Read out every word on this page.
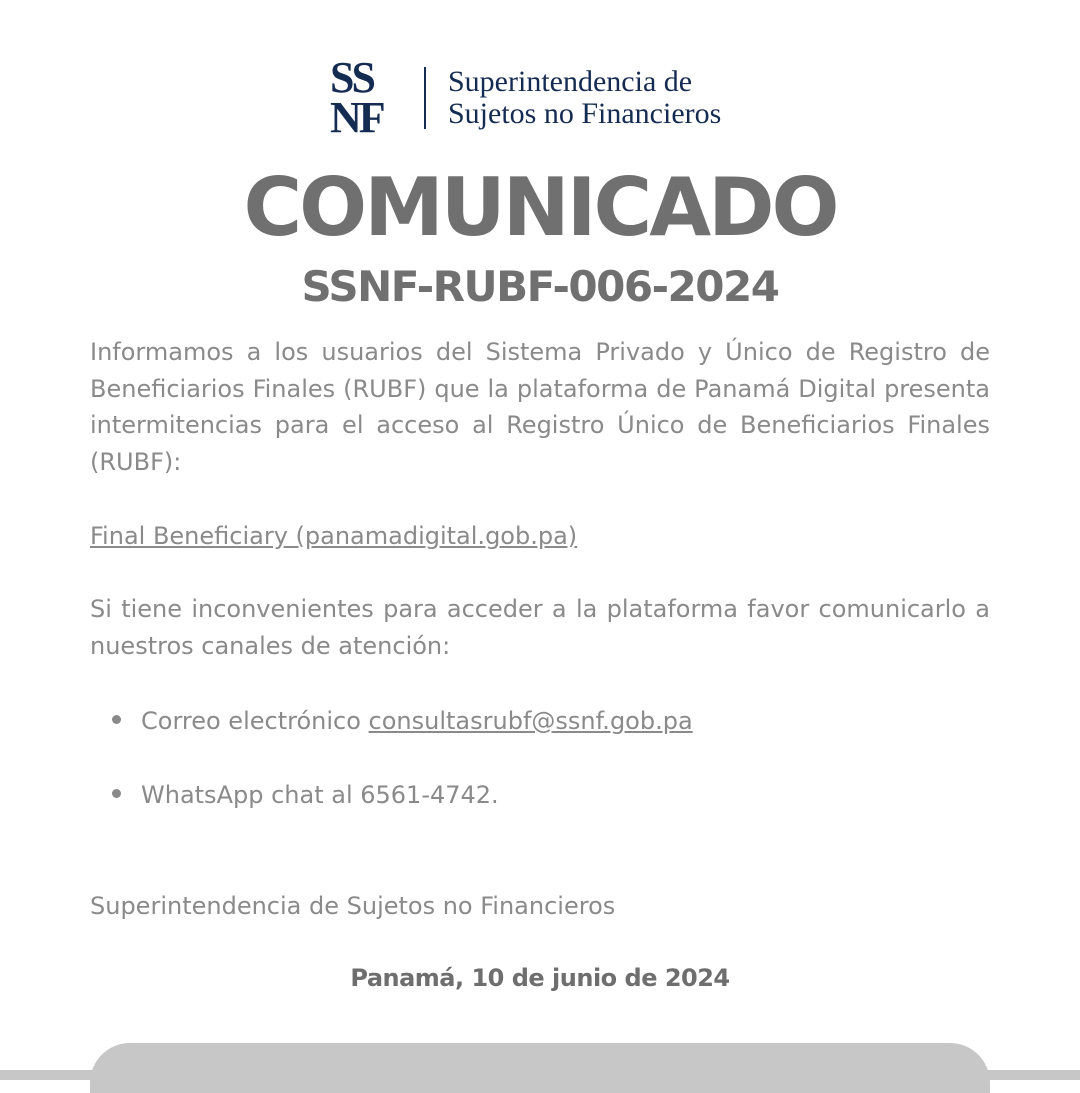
SS
NF
Superintendencia de
Sujetos no Financieros
COMUNICADO
SSNF-RUBF-006-2024
Informamos a los usuarios del Sistema Privado y Único de Registro de Beneficiarios Finales (RUBF) que la plataforma de Panamá Digital presenta intermitencias para el acceso al Registro Único de Beneficiarios Finales (RUBF):
Final Beneficiary (panamadigital.gob.pa)
Si tiene inconvenientes para acceder a la plataforma favor comunicarlo a nuestros canales de atención:
Correo electrónico consultasrubf@ssnf.gob.pa
WhatsApp chat al 6561-4742.
Superintendencia de Sujetos no Financieros
Panamá, 10 de junio de 2024
